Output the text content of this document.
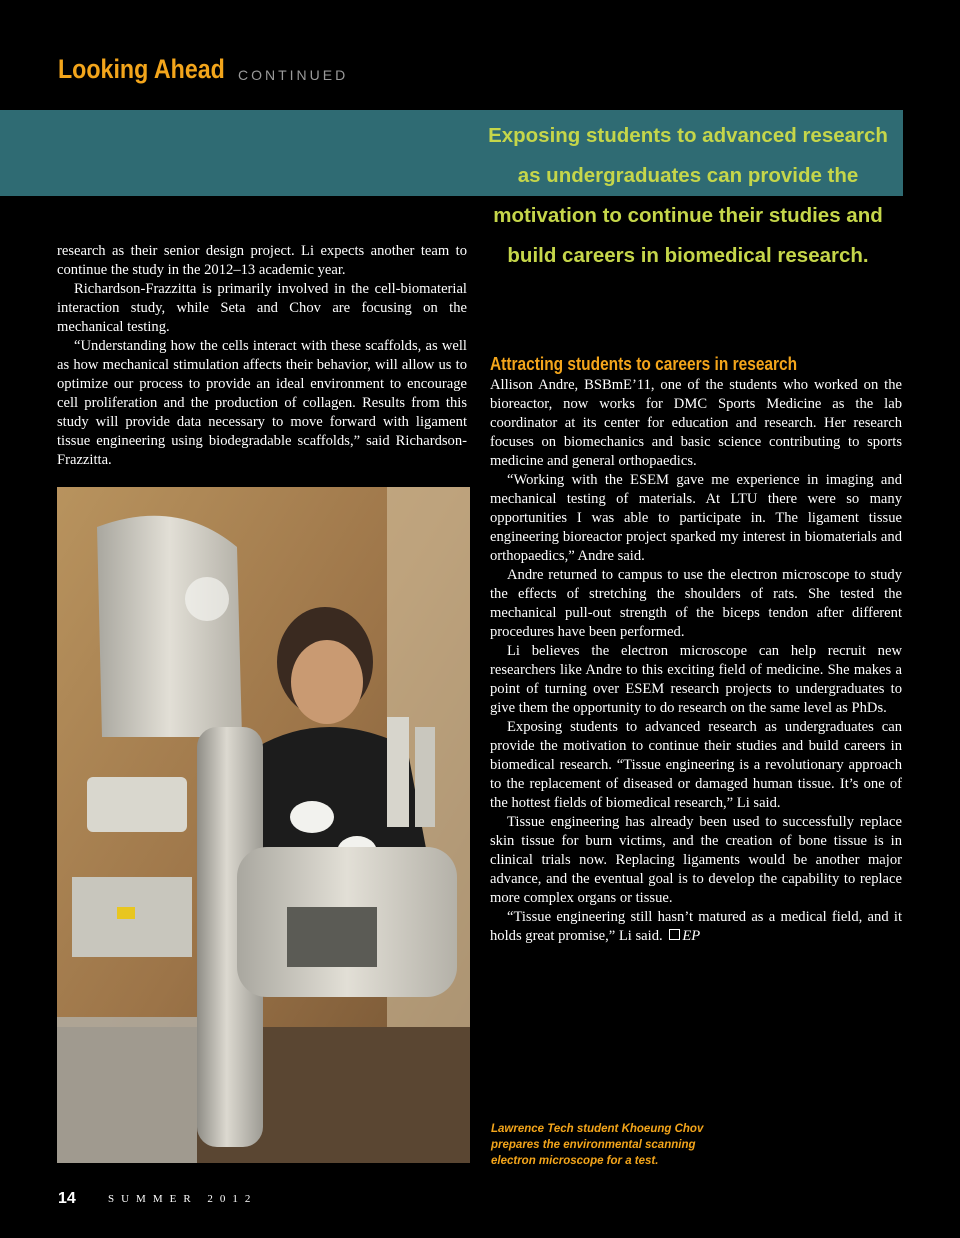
Looking Ahead CONTINUED
Exposing students to advanced research as undergraduates can provide the motivation to continue their studies and build careers in biomedical research.

research as their senior design project. Li expects another team to continue the study in the 2012–13 academic year.

Richardson-Frazzitta is primarily involved in the cell-biomaterial interaction study, while Seta and Chov are focusing on the mechanical testing.

“Understanding how the cells interact with these scaffolds, as well as how mechanical stimulation affects their behavior, will allow us to optimize our process to provide an ideal environment to encourage cell proliferation and the production of collagen. Results from this study will provide data necessary to move forward with ligament tissue engineering using biodegradable scaffolds,” said Richardson-Frazzitta.

Attracting students to careers in research

Allison Andre, BSBmE’11, one of the students who worked on the bioreactor, now works for DMC Sports Medicine as the lab coordinator at its center for education and research. Her research focuses on biomechanics and basic science contributing to sports medicine and general orthopaedics.

“Working with the ESEM gave me experience in imaging and mechanical testing of materials. At LTU there were so many opportunities I was able to participate in. The ligament tissue engineering bioreactor project sparked my interest in biomaterials and orthopaedics,” Andre said.

Andre returned to campus to use the electron microscope to study the effects of stretching the shoulders of rats. She tested the mechanical pull-out strength of the biceps tendon after different procedures have been performed.

Li believes the electron microscope can help recruit new researchers like Andre to this exciting field of medicine. She makes a point of turning over ESEM research projects to undergraduates to give them the opportunity to do research on the same level as PhDs.

Exposing students to advanced research as undergraduates can provide the motivation to continue their studies and build careers in biomedical research. “Tissue engineering is a revolutionary approach to the replacement of diseased or damaged human tissue. It’s one of the hottest fields of biomedical research,” Li said.

Tissue engineering has already been used to successfully replace skin tissue for burn victims, and the creation of bone tissue is in clinical trials now. Replacing ligaments would be another major advance, and the eventual goal is to develop the capability to replace more complex organs or tissue.

“Tissue engineering still hasn’t matured as a medical field, and it holds great promise,” Li said. EP

Lawrence Tech student Khoeung Chov prepares the environmental scanning electron microscope for a test.
14	SUMMER 2012
